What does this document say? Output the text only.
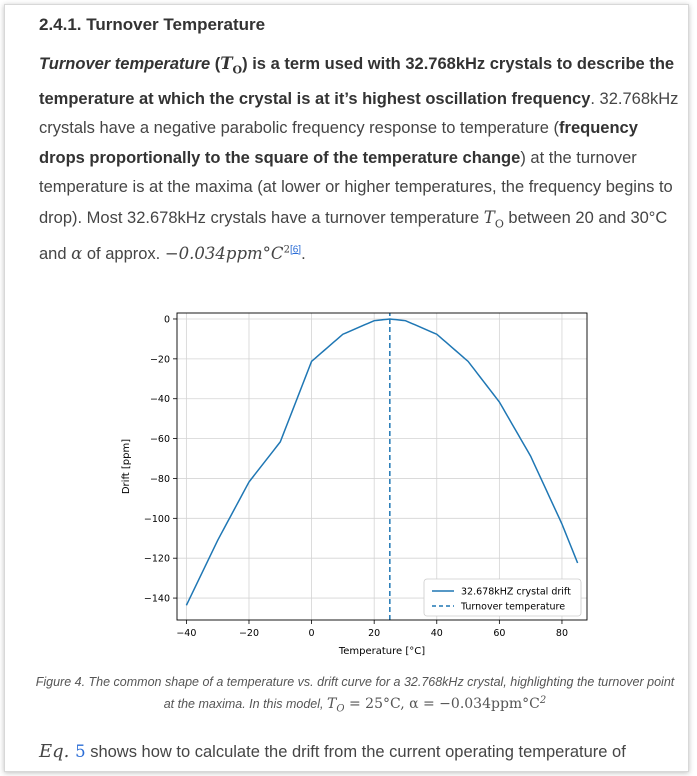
2.4.1. Turnover Temperature

Turnover temperature $(T_O)$ is a term used with 32.768kHz crystals to describe the temperature at which the crystal is at it’s highest oscillation frequency. 32.768kHz crystals have a negative parabolic frequency response to temperature (frequency drops proportionally to the square of the temperature change) at the turnover temperature is at the maxima (at lower or higher temperatures, the frequency begins to drop). Most 32.678kHz crystals have a turnover temperature $T_O$ between 20 and 30°C and α of approx. −0.034ppm°C$^{2[6]}$.

−40	−20	0	20	40	60	80
0
−20
−40
−60
−80
−100
−120
−140
Temperature [°C]
Drift [ppm]
32.678kHZ crystal drift
Turnover temperature

Figure 4. The common shape of a temperature vs. drift curve for a 32.768kHz crystal, highlighting the turnover point at the maxima. In this model, $T_O = 25^\circ C$, $\alpha = -0.034ppm^\circ C^2$

Eq. 5 shows how to calculate the drift from the current operating temperature of
